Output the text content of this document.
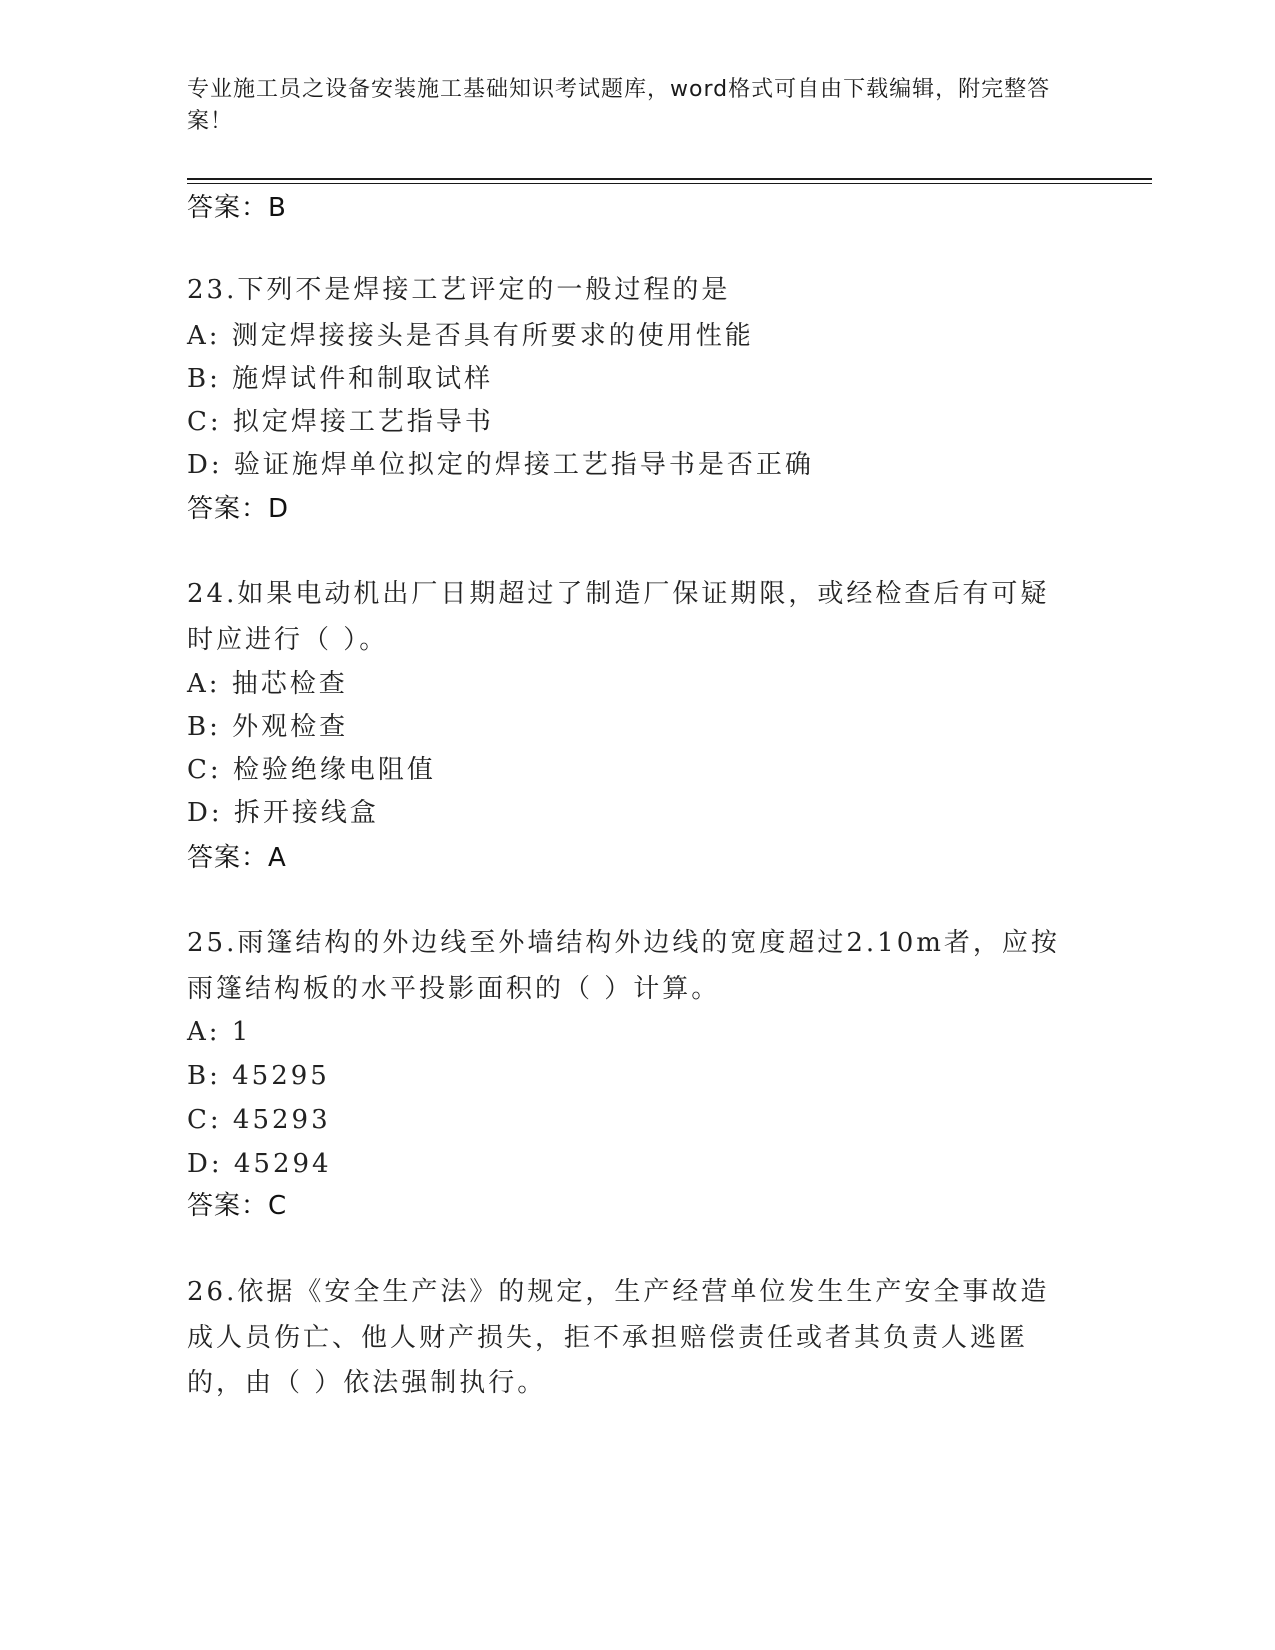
专业施工员之设备安装施工基础知识考试题库，word格式可自由下载编辑，附完整答案！
答案：B
23.下列不是焊接工艺评定的一般过程的是
A: 测定焊接接头是否具有所要求的使用性能
B: 施焊试件和制取试样
C: 拟定焊接工艺指导书
D: 验证施焊单位拟定的焊接工艺指导书是否正确
答案：D
24.如果电动机出厂日期超过了制造厂保证期限，或经检查后有可疑时应进行（ ）。
A: 抽芯检查
B: 外观检查
C: 检验绝缘电阻值
D: 拆开接线盒
答案：A
25.雨篷结构的外边线至外墙结构外边线的宽度超过2.10m者，应按雨篷结构板的水平投影面积的（ ）计算。
A: 1
B: 45295
C: 45293
D: 45294
答案：C
26.依据《安全生产法》的规定，生产经营单位发生生产安全事故造成人员伤亡、他人财产损失，拒不承担赔偿责任或者其负责人逃匿的，由（ ）依法强制执行。
